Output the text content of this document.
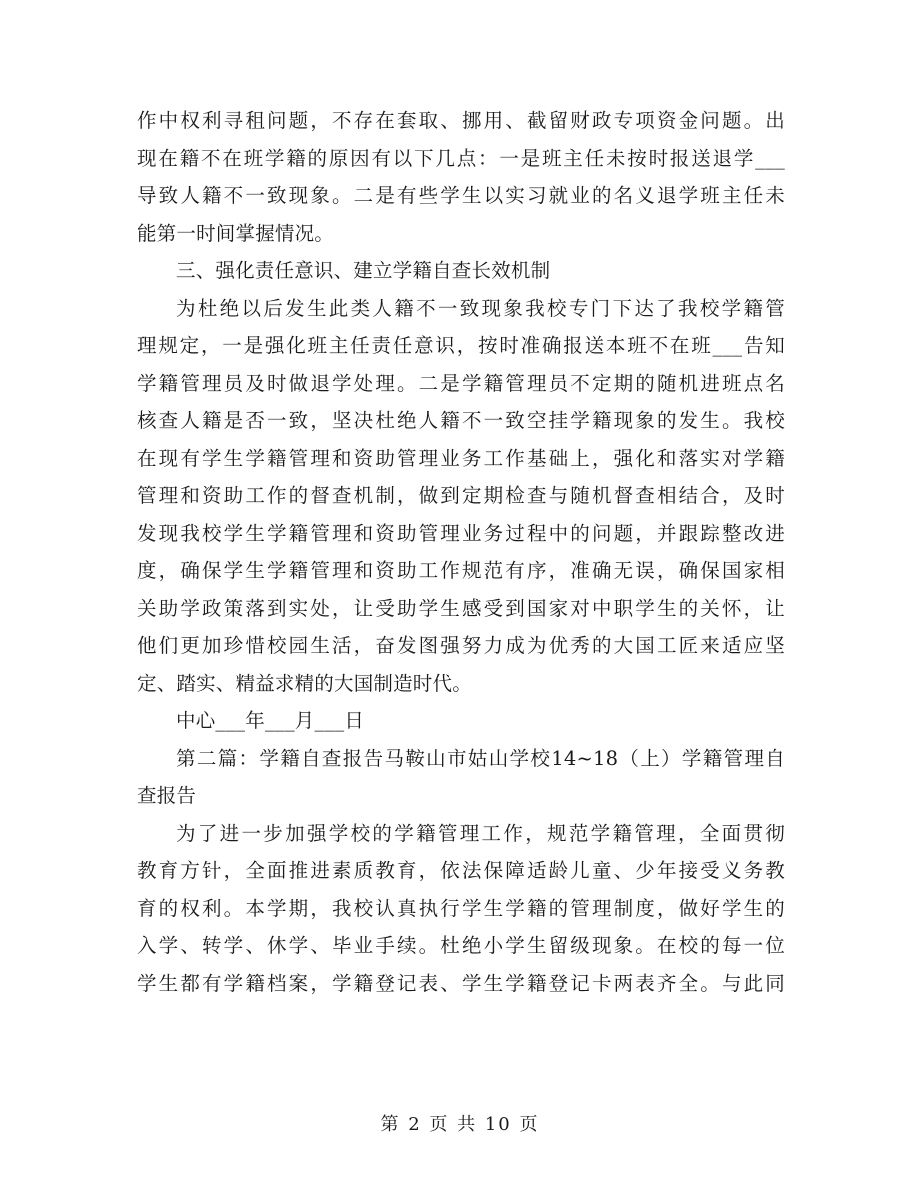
作中权利寻租问题，不存在套取、挪用、截留财政专项资金问题。出
现在籍不在班学籍的原因有以下几点：一是班主任未按时报送退学___
导致人籍不一致现象。二是有些学生以实习就业的名义退学班主任未
能第一时间掌握情况。
三、强化责任意识、建立学籍自查长效机制
为杜绝以后发生此类人籍不一致现象我校专门下达了我校学籍管
理规定，一是强化班主任责任意识，按时准确报送本班不在班___告知
学籍管理员及时做退学处理。二是学籍管理员不定期的随机进班点名
核查人籍是否一致，坚决杜绝人籍不一致空挂学籍现象的发生。我校
在现有学生学籍管理和资助管理业务工作基础上，强化和落实对学籍
管理和资助工作的督查机制，做到定期检查与随机督查相结合，及时
发现我校学生学籍管理和资助管理业务过程中的问题，并跟踪整改进
度，确保学生学籍管理和资助工作规范有序，准确无误，确保国家相
关助学政策落到实处，让受助学生感受到国家对中职学生的关怀，让
他们更加珍惜校园生活，奋发图强努力成为优秀的大国工匠来适应坚
定、踏实、精益求精的大国制造时代。
中心___年___月___日
第二篇：学籍自查报告马鞍山市姑山学校14~18（上）学籍管理自
查报告
为了进一步加强学校的学籍管理工作，规范学籍管理，全面贯彻
教育方针，全面推进素质教育，依法保障适龄儿童、少年接受义务教
育的权利。本学期，我校认真执行学生学籍的管理制度，做好学生的
入学、转学、休学、毕业手续。杜绝小学生留级现象。在校的每一位
学生都有学籍档案，学籍登记表、学生学籍登记卡两表齐全。与此同
第 2 页 共 10 页
